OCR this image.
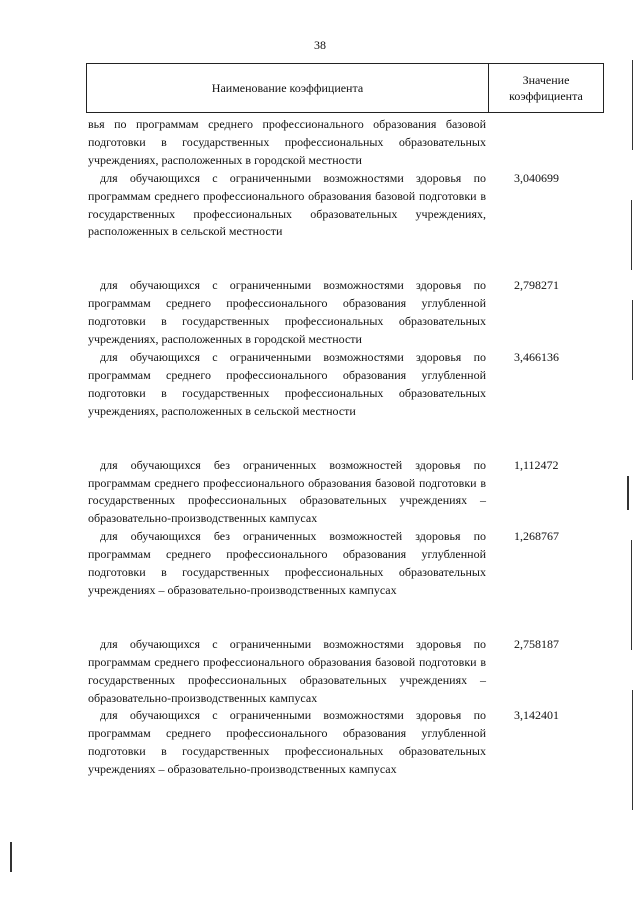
38
Наименование коэффициента
Значение коэффициента
вья по программам среднего профессионального образования базовой подготовки в государственных профессиональных образовательных учреждениях, расположенных в городской местности
для обучающихся с ограниченными возможностями здоровья по программам среднего профессионального образования базовой подготовки в государственных профессиональных образовательных учреждениях, расположенных в сельской местности
3,040699
для обучающихся с ограниченными возможностями здоровья по программам среднего профессионального образования углубленной подготовки в государственных профессиональных образовательных учреждениях, расположенных в городской местности
2,798271
для обучающихся с ограниченными возможностями здоровья по программам среднего профессионального образования углубленной подготовки в государственных профессиональных образовательных учреждениях, расположенных в сельской местности
3,466136
для обучающихся без ограниченных возможностей здоровья по программам среднего профессионального образования базовой подготовки в государственных профессиональных образовательных учреждениях – образовательно-производственных кампусах
1,112472
для обучающихся без ограниченных возможностей здоровья по программам среднего профессионального образования углубленной подготовки в государственных профессиональных образовательных учреждениях – образовательно-производственных кампусах
1,268767
для обучающихся с ограниченными возможностями здоровья по программам среднего профессионального образования базовой подготовки в государственных профессиональных образовательных учреждениях – образовательно-производственных кампусах
2,758187
для обучающихся с ограниченными возможностями здоровья по программам среднего профессионального образования углубленной подготовки в государственных профессиональных образовательных учреждениях – образовательно-производственных кампусах
3,142401
